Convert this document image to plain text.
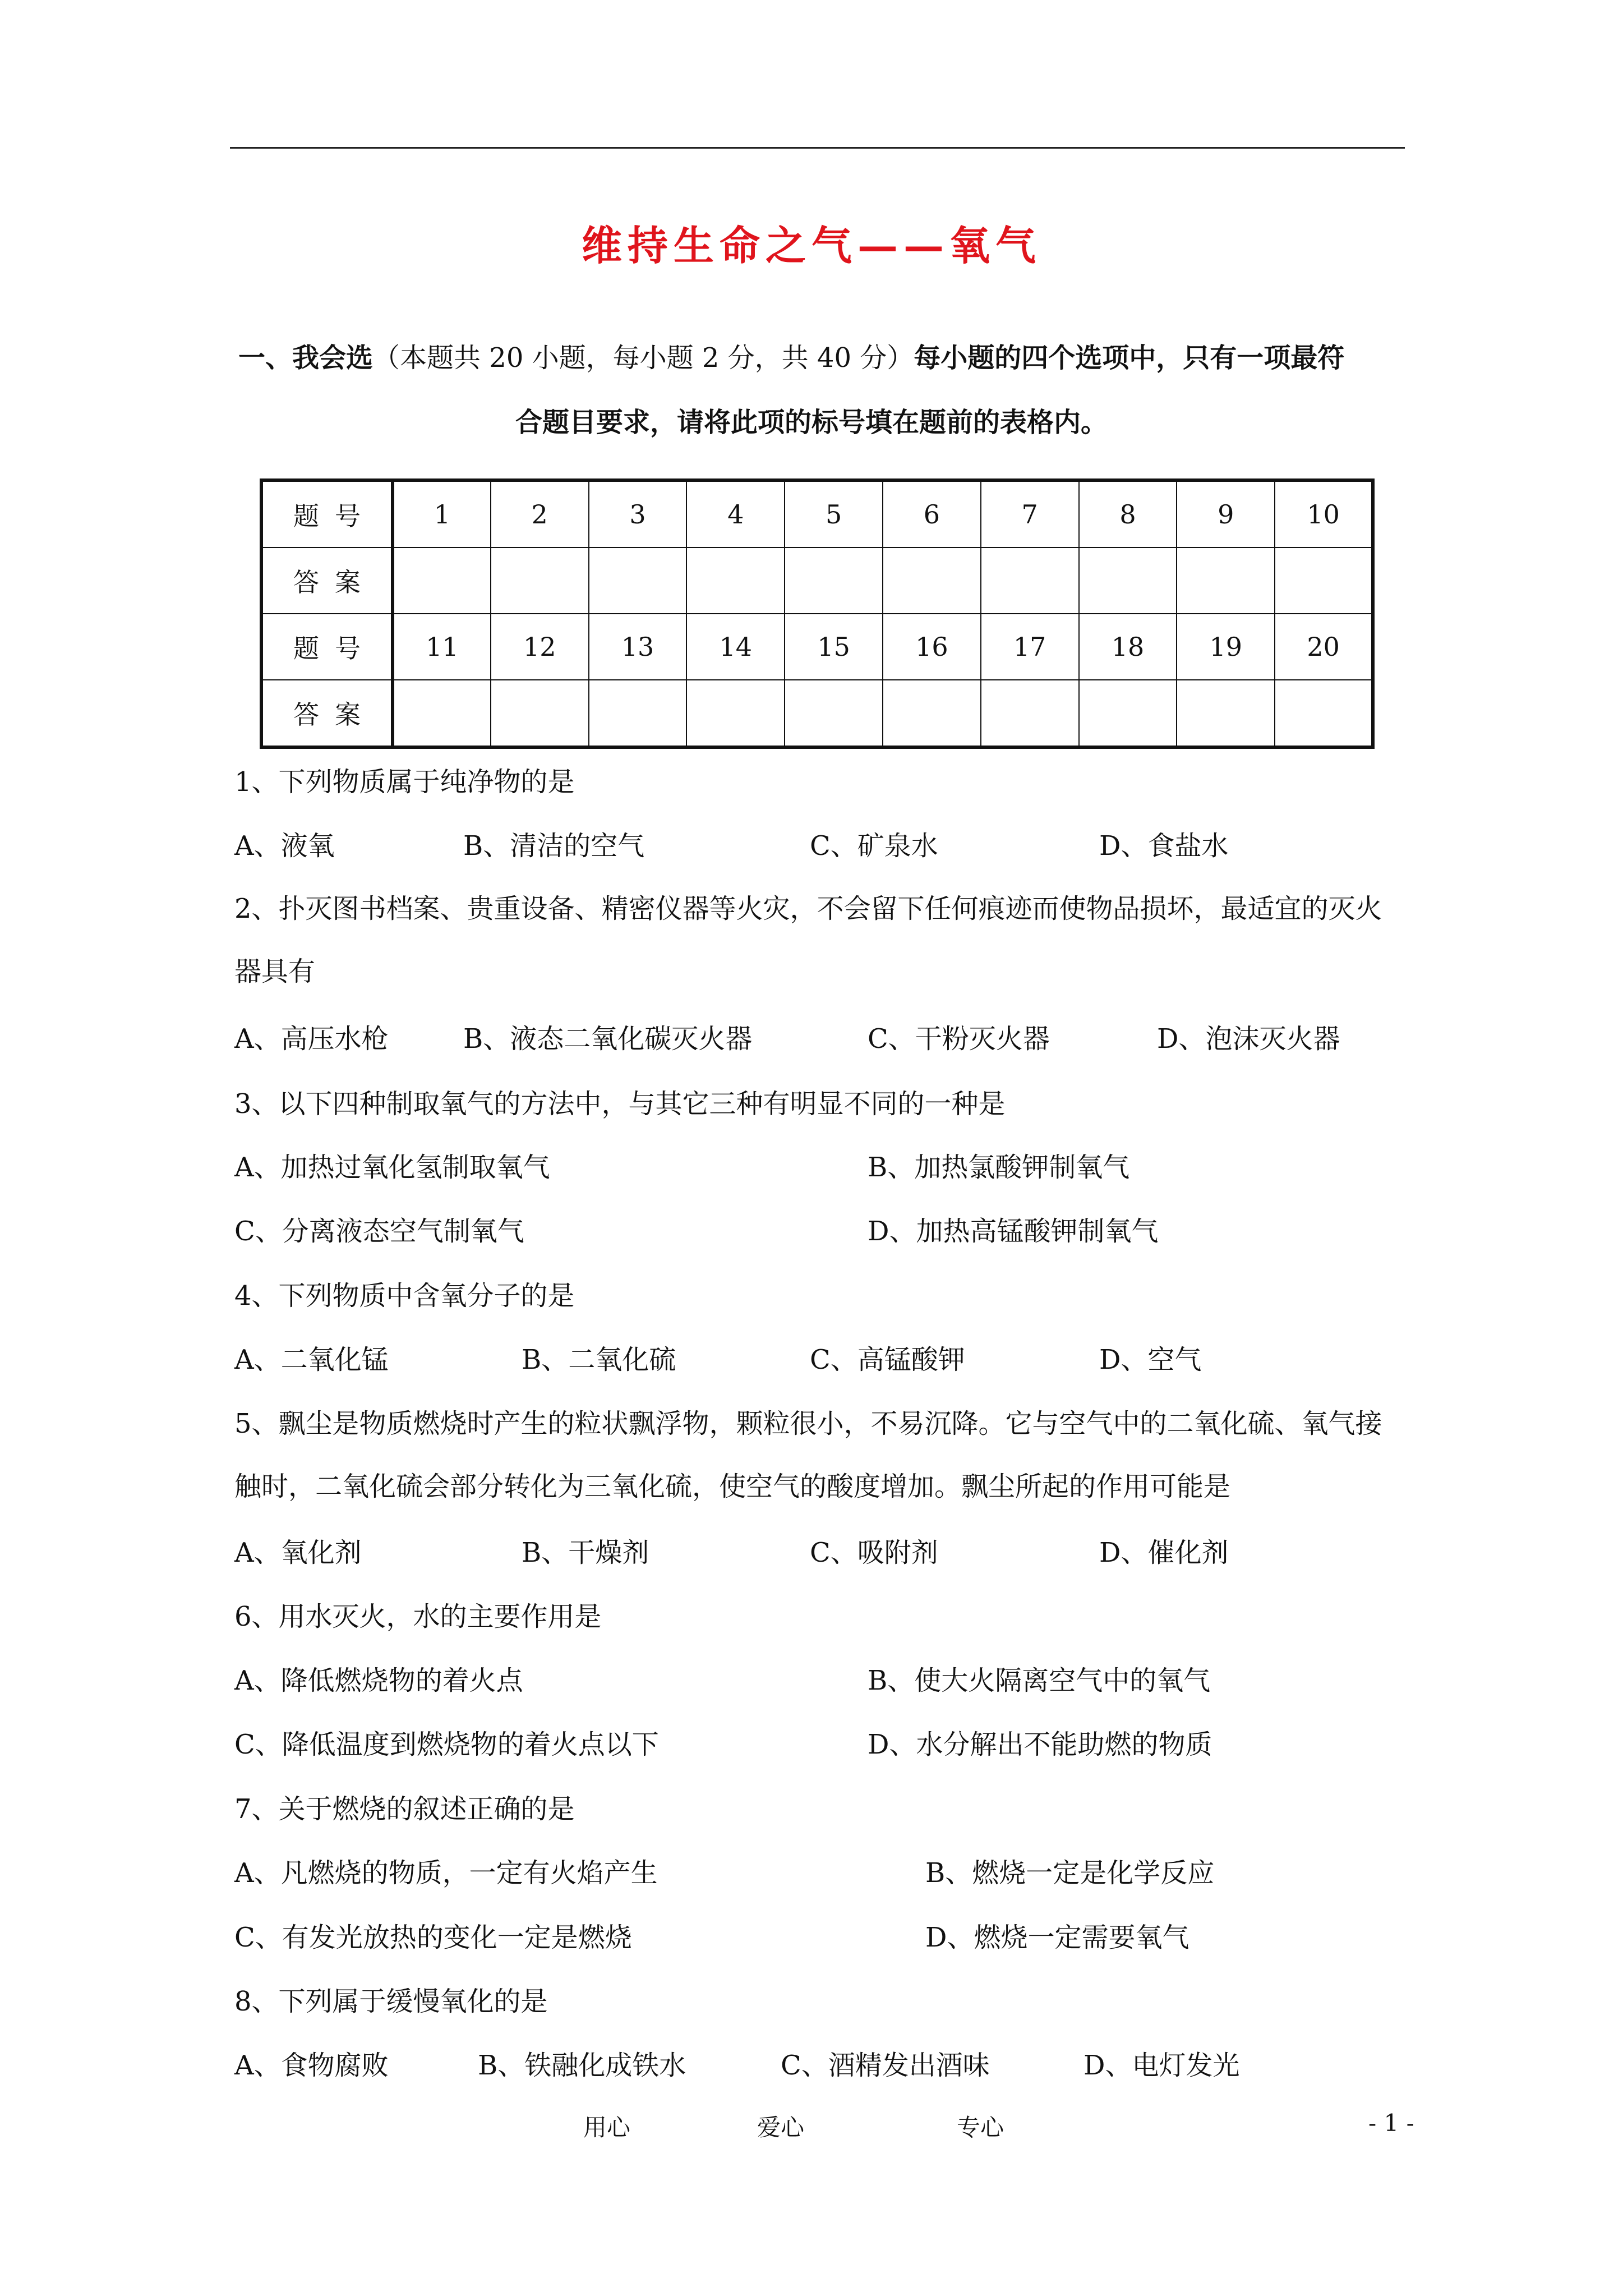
维持生命之气——氧气
一、我会选（本题共 20 小题，每小题 2 分，共 40 分）每小题的四个选项中，只有一项最符
合题目要求，请将此项的标号填在题前的表格内。
题号	1	2	3	4	5	6	7	8	9	10
答案										
题号	11	12	13	14	15	16	17	18	19	20
答案										
1、下列物质属于纯净物的是
A、液氧	B、清洁的空气	C、矿泉水	D、食盐水
2、扑灭图书档案、贵重设备、精密仪器等火灾，不会留下任何痕迹而使物品损坏，最适宜的灭火器具有
A、高压水枪	B、液态二氧化碳灭火器	C、干粉灭火器	D、泡沫灭火器
3、以下四种制取氧气的方法中，与其它三种有明显不同的一种是
A、加热过氧化氢制取氧气	B、加热氯酸钾制氧气
C、分离液态空气制氧气	D、加热高锰酸钾制氧气
4、下列物质中含氧分子的是
A、二氧化锰	B、二氧化硫	C、高锰酸钾	D、空气
5、飘尘是物质燃烧时产生的粒状飘浮物，颗粒很小，不易沉降。它与空气中的二氧化硫、氧气接触时，二氧化硫会部分转化为三氧化硫，使空气的酸度增加。飘尘所起的作用可能是
A、氧化剂	B、干燥剂	C、吸附剂	D、催化剂
6、用水灭火，水的主要作用是
A、降低燃烧物的着火点	B、使大火隔离空气中的氧气
C、降低温度到燃烧物的着火点以下	D、水分解出不能助燃的物质
7、关于燃烧的叙述正确的是
A、凡燃烧的物质，一定有火焰产生	B、燃烧一定是化学反应
C、有发光放热的变化一定是燃烧	D、燃烧一定需要氧气
8、下列属于缓慢氧化的是
A、食物腐败	B、铁融化成铁水	C、酒精发出酒味	D、电灯发光
用心	爱心	专心	- 1 -
